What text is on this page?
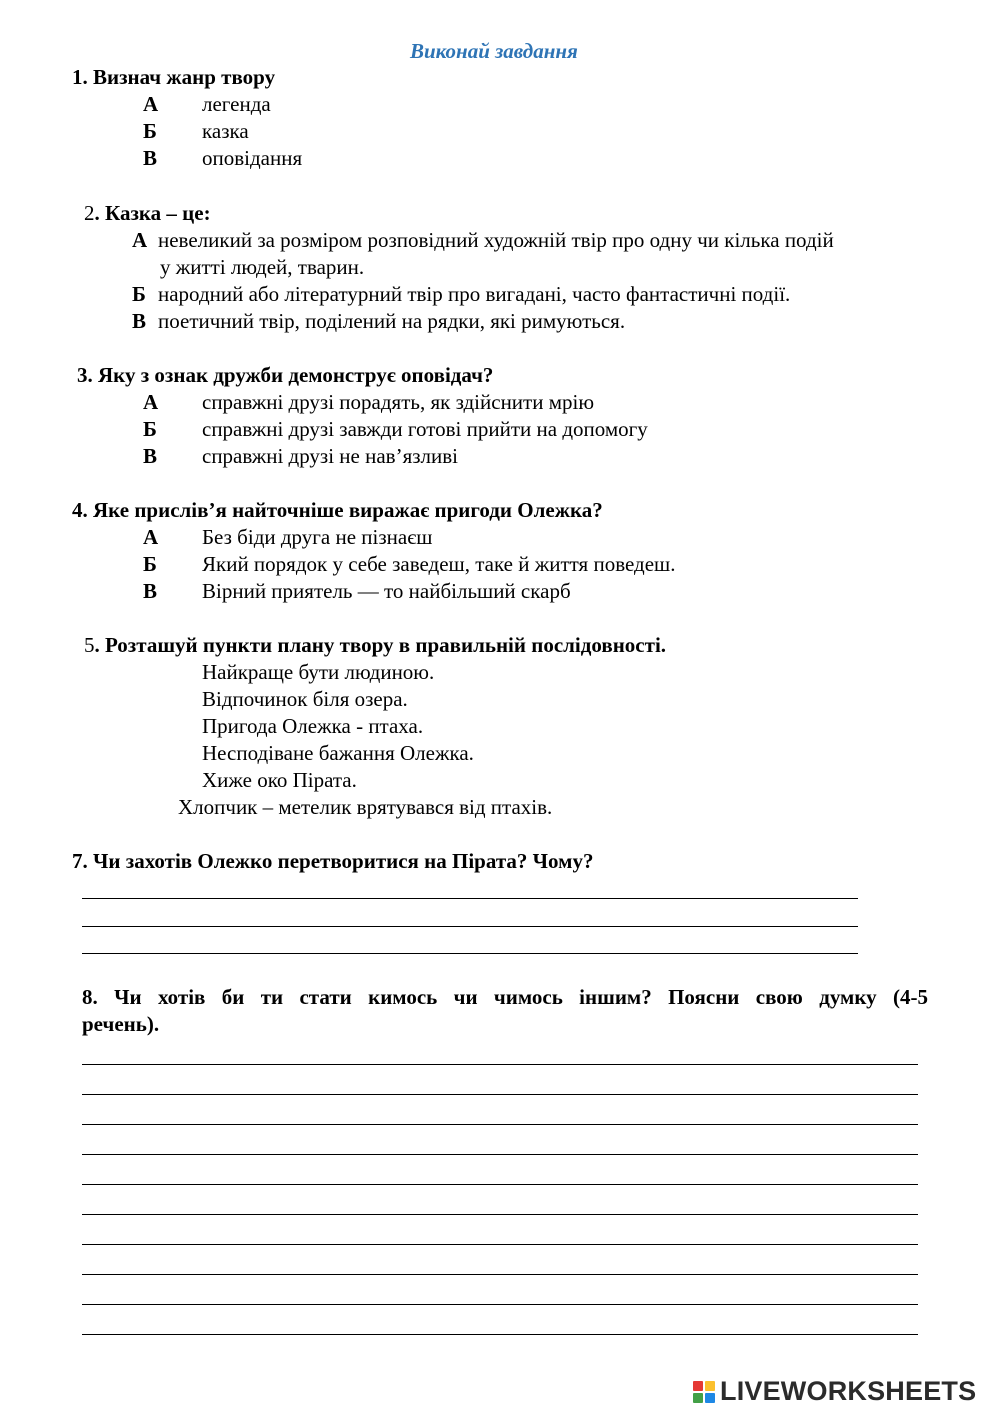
Виконай завдання
1. Визнач жанр твору
А легенда
Б казка
В оповідання
2. Казка – це:
А невеликий за розміром розповідний художній твір про одну чи кілька подій
у житті людей, тварин.
Б народний або літературний твір про вигадані, часто фантастичні події.
В поетичний твір, поділений на рядки, які римуються.
3. Яку з ознак дружби демонструє оповідач?
А справжні друзі порадять, як здійснити мрію
Б справжні друзі завжди готові прийти на допомогу
В справжні друзі не нав’язливі
4. Яке прислів’я найточніше виражає пригоди Олежка?
А Без біди друга не пізнаєш
Б Який порядок у себе заведеш, таке й життя поведеш.
В Вірний приятель — то найбільший скарб
5. Розташуй пункти плану твору в правильній послідовності.
Найкраще бути людиною.
Відпочинок біля озера.
Пригода Олежка - птаха.
Несподіване бажання Олежка.
Хиже око Пірата.
Хлопчик – метелик врятувався від птахів.
7. Чи захотів Олежко перетворитися на Пірата? Чому?
8. Чи хотів би ти стати кимось чи чимось іншим? Поясни свою думку (4-5
речень).
LIVEWORKSHEETS
